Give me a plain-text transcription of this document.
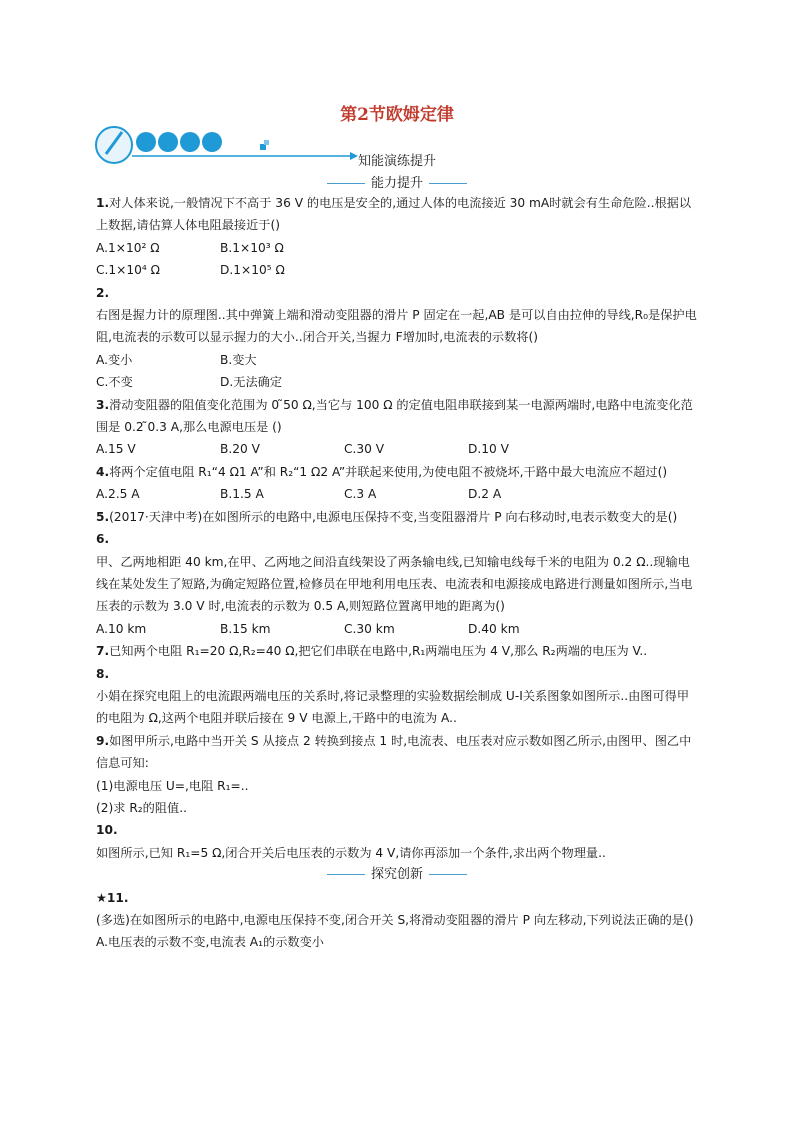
第2节欧姆定律
知能演练提升
能力提升

1.对人体来说,一般情况下不高于 36 V 的电压是安全的,通过人体的电流接近 30 mA时就会有生命危险..根据以上数据,请估算人体电阻最接近于()

A.1×10² Ω	B.1×10³ Ω
C.1×10⁴ Ω	D.1×10⁵ Ω

2.

右图是握力计的原理图..其中弹簧上端和滑动变阻器的滑片 P 固定在一起,AB 是可以自由拉伸的导线,R₀是保护电阻,电流表的示数可以显示握力的大小..闭合开关,当握力 F增加时,电流表的示数将()

A.变小	B.变大
C.不变	D.无法确定

3.滑动变阻器的阻值变化范围为 0 ̃50 Ω,当它与 100 Ω 的定值电阻串联接到某一电源两端时,电路中电流变化范围是 0.2 ̃0.3 A,那么电源电压是 ()

A.15 V	B.20 V	C.30 V	D.10 V

4.将两个定值电阻 R₁“4 Ω1 A”和 R₂“1 Ω2 A”并联起来使用,为使电阻不被烧坏,干路中最大电流应不超过()

A.2.5 A	B.1.5 A	C.3 A	D.2 A

5.(2017·天津中考)在如图所示的电路中,电源电压保持不变,当变阻器滑片 P 向右移动时,电表示数变大的是()

6.

甲、乙两地相距 40 km,在甲、乙两地之间沿直线架设了两条输电线,已知输电线每千米的电阻为 0.2 Ω..现输电线在某处发生了短路,为确定短路位置,检修员在甲地利用电压表、电流表和电源接成电路进行测量如图所示,当电压表的示数为 3.0 V 时,电流表的示数为 0.5 A,则短路位置离甲地的距离为()

A.10 km	B.15 km	C.30 km	D.40 km

7.已知两个电阻 R₁=20 Ω,R₂=40 Ω,把它们串联在电路中,R₁两端电压为 4 V,那么 R₂两端的电压为 V..

8.

小娟在探究电阻上的电流跟两端电压的关系时,将记录整理的实验数据绘制成 U-I关系图象如图所示..由图可得甲的电阻为 Ω,这两个电阻并联后接在 9 V 电源上,干路中的电流为 A..

9.如图甲所示,电路中当开关 S 从接点 2 转换到接点 1 时,电流表、电压表对应示数如图乙所示,由图甲、图乙中信息可知:

(1)电源电压 U=,电阻 R₁=..

(2)求 R₂的阻值..

10.

如图所示,已知 R₁=5 Ω,闭合开关后电压表的示数为 4 V,请你再添加一个条件,求出两个物理量..

探究创新

★11.

(多选)在如图所示的电路中,电源电压保持不变,闭合开关 S,将滑动变阻器的滑片 P 向左移动,下列说法正确的是()

A.电压表的示数不变,电流表 A₁的示数变小
